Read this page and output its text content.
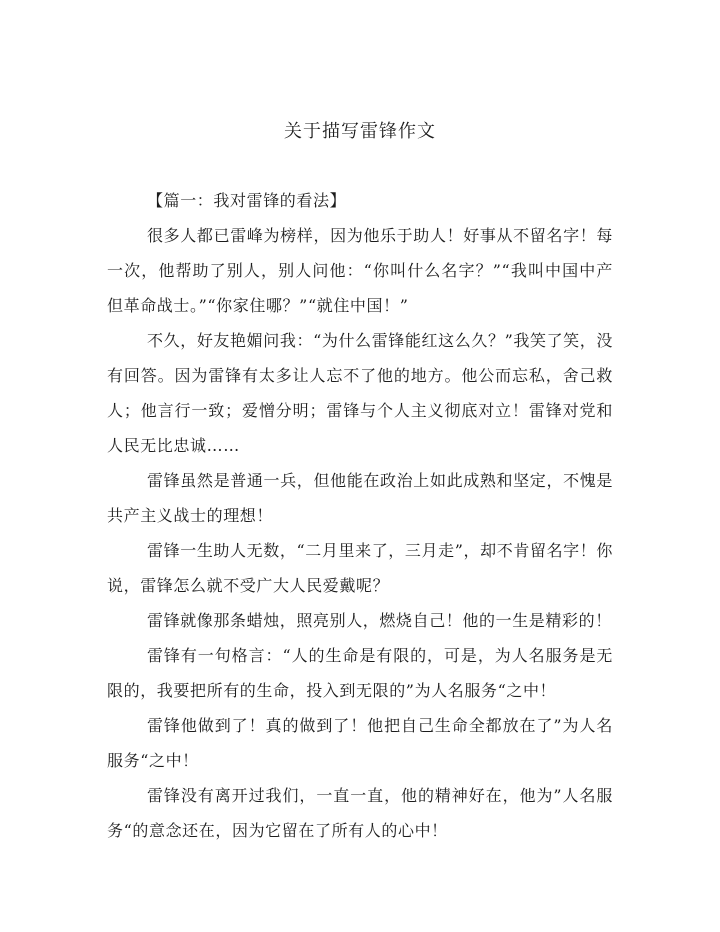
关于描写雷锋作文

【篇一：我对雷锋的看法】

很多人都已雷峰为榜样，因为他乐于助人！好事从不留名字！每一次，他帮助了别人，别人问他：“你叫什么名字？”“我叫中国中产但革命战士。”“你家住哪？”“就住中国！”

不久，好友艳媚问我：“为什么雷锋能红这么久？”我笑了笑，没有回答。因为雷锋有太多让人忘不了他的地方。他公而忘私，舍己救人；他言行一致；爱憎分明；雷锋与个人主义彻底对立！雷锋对党和人民无比忠诚……

雷锋虽然是普通一兵，但他能在政治上如此成熟和坚定，不愧是共产主义战士的理想！

雷锋一生助人无数，“二月里来了，三月走”，却不肯留名字！你说，雷锋怎么就不受广大人民爱戴呢？

雷锋就像那条蜡烛，照亮别人，燃烧自己！他的一生是精彩的！

雷锋有一句格言：“人的生命是有限的，可是，为人名服务是无限的，我要把所有的生命，投入到无限的”为人名服务“之中！

雷锋他做到了！真的做到了！他把自己生命全都放在了”为人名服务“之中！

雷锋没有离开过我们，一直一直，他的精神好在，他为”人名服务“的意念还在，因为它留在了所有人的心中！
